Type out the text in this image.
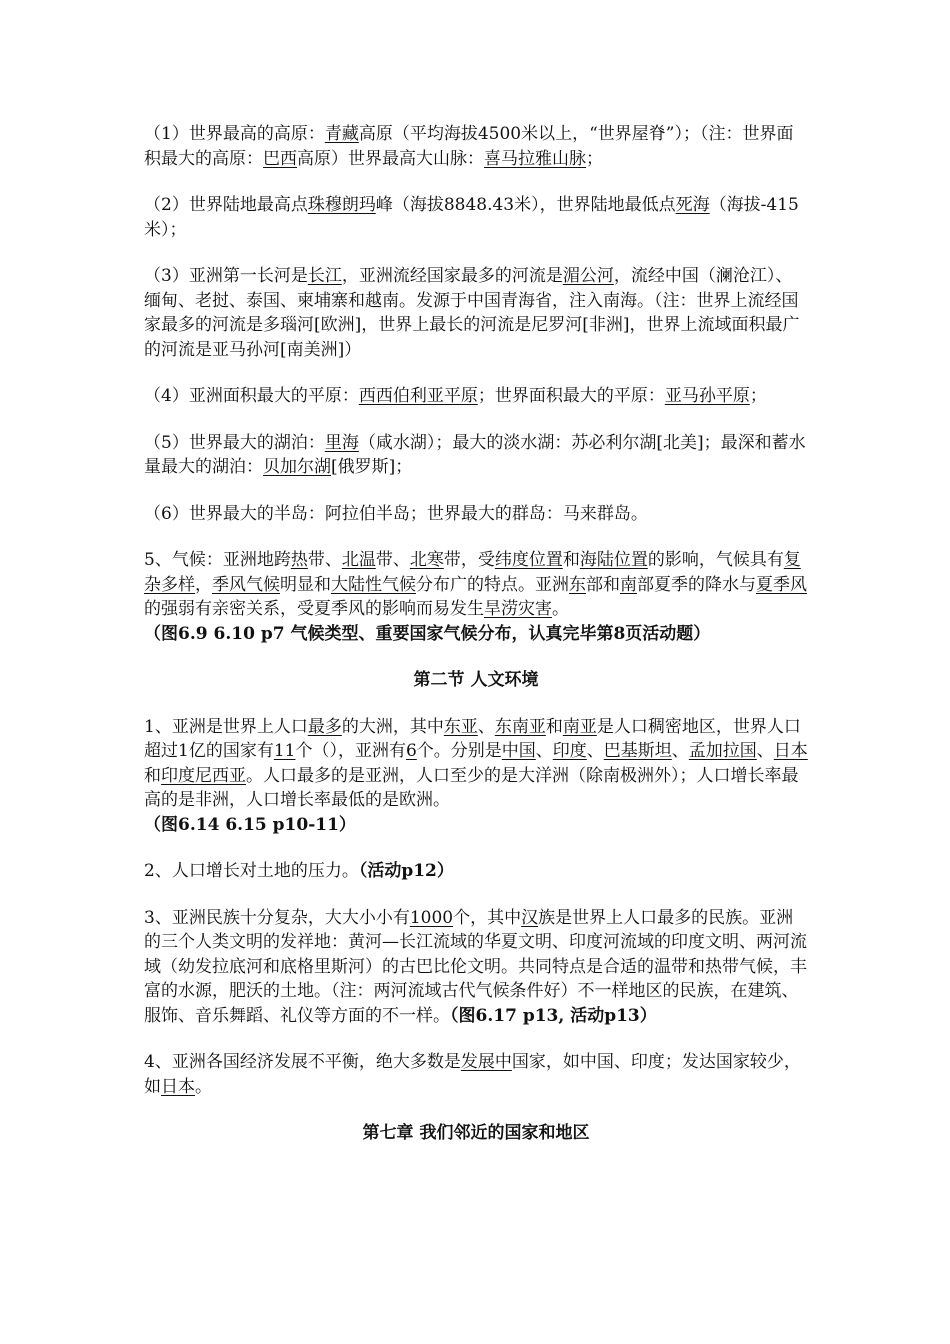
（1）世界最高的高原：青藏高原（平均海拔4500米以上，“世界屋脊”）；（注：世界面积最大的高原：巴西高原）世界最高大山脉：喜马拉雅山脉；

（2）世界陆地最高点珠穆朗玛峰（海拔8848.43米），世界陆地最低点死海（海拔-415米）；

（3）亚洲第一长河是长江，亚洲流经国家最多的河流是湄公河，流经中国（澜沧江）、缅甸、老挝、泰国、柬埔寨和越南。发源于中国青海省，注入南海。（注：世界上流经国家最多的河流是多瑙河[欧洲]，世界上最长的河流是尼罗河[非洲]，世界上流域面积最广的河流是亚马孙河[南美洲]）

（4）亚洲面积最大的平原：西西伯利亚平原；世界面积最大的平原：亚马孙平原；

（5）世界最大的湖泊：里海（咸水湖）；最大的淡水湖：苏必利尔湖[北美]；最深和蓄水量最大的湖泊：贝加尔湖[俄罗斯]；

（6）世界最大的半岛：阿拉伯半岛；世界最大的群岛：马来群岛。

5、气候：亚洲地跨热带、北温带、北寒带，受纬度位置和海陆位置的影响，气候具有复杂多样，季风气候明显和大陆性气候分布广的特点。亚洲东部和南部夏季的降水与夏季风的强弱有亲密关系，受夏季风的影响而易发生旱涝灾害。

（图6.9 6.10 p7 气候类型、重要国家气候分布，认真完毕第8页活动题）

第二节 人文环境

1、亚洲是世界上人口最多的大洲，其中东亚、东南亚和南亚是人口稠密地区，世界人口超过1亿的国家有11个（），亚洲有6个。分别是中国、印度、巴基斯坦、孟加拉国、日本和印度尼西亚。人口最多的是亚洲，人口至少的是大洋洲（除南极洲外）；人口增长率最高的是非洲，人口增长率最低的是欧洲。

（图6.14 6.15 p10-11）

2、人口增长对土地的压力。（活动p12）

3、亚洲民族十分复杂，大大小小有1000个，其中汉族是世界上人口最多的民族。亚洲的三个人类文明的发祥地：黄河—长江流域的华夏文明、印度河流域的印度文明、两河流域（幼发拉底河和底格里斯河）的古巴比伦文明。共同特点是合适的温带和热带气候，丰富的水源，肥沃的土地。（注：两河流域古代气候条件好）不一样地区的民族，在建筑、服饰、音乐舞蹈、礼仪等方面的不一样。（图6.17 p13, 活动p13）

4、亚洲各国经济发展不平衡，绝大多数是发展中国家，如中国、印度；发达国家较少，如日本。

第七章 我们邻近的国家和地区
